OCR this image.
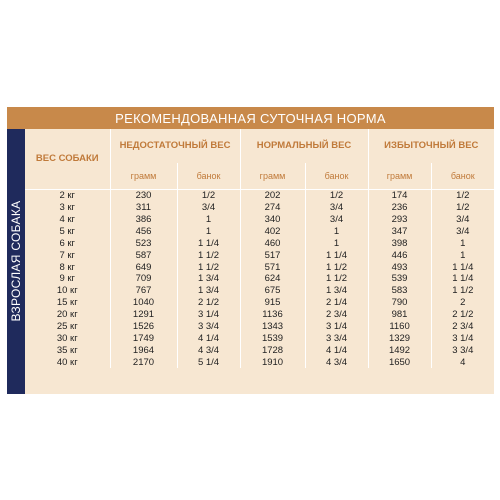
РЕКОМЕНДОВАННАЯ СУТОЧНАЯ НОРМА
ВЗРОСЛАЯ СОБАКА
ВЕС СОБАКИ	НЕДОСТАТОЧНЫЙ ВЕС		НОРМАЛЬНЫЙ ВЕС		ИЗБЫТОЧНЫЙ ВЕС	
	грамм	банок	грамм	банок	грамм	банок
2 кг	230	1/2	202	1/2	174	1/2
3 кг	311	3/4	274	3/4	236	1/2
4 кг	386	1	340	3/4	293	3/4
5 кг	456	1	402	1	347	3/4
6 кг	523	1 1/4	460	1	398	1
7 кг	587	1 1/2	517	1 1/4	446	1
8 кг	649	1 1/2	571	1 1/2	493	1 1/4
9 кг	709	1 3/4	624	1 1/2	539	1 1/4
10 кг	767	1 3/4	675	1 3/4	583	1 1/2
15 кг	1040	2 1/2	915	2 1/4	790	2
20 кг	1291	3 1/4	1136	2 3/4	981	2 1/2
25 кг	1526	3 3/4	1343	3 1/4	1160	2 3/4
30 кг	1749	4 1/4	1539	3 3/4	1329	3 1/4
35 кг	1964	4 3/4	1728	4 1/4	1492	3 3/4
40 кг	2170	5 1/4	1910	4 3/4	1650	4
